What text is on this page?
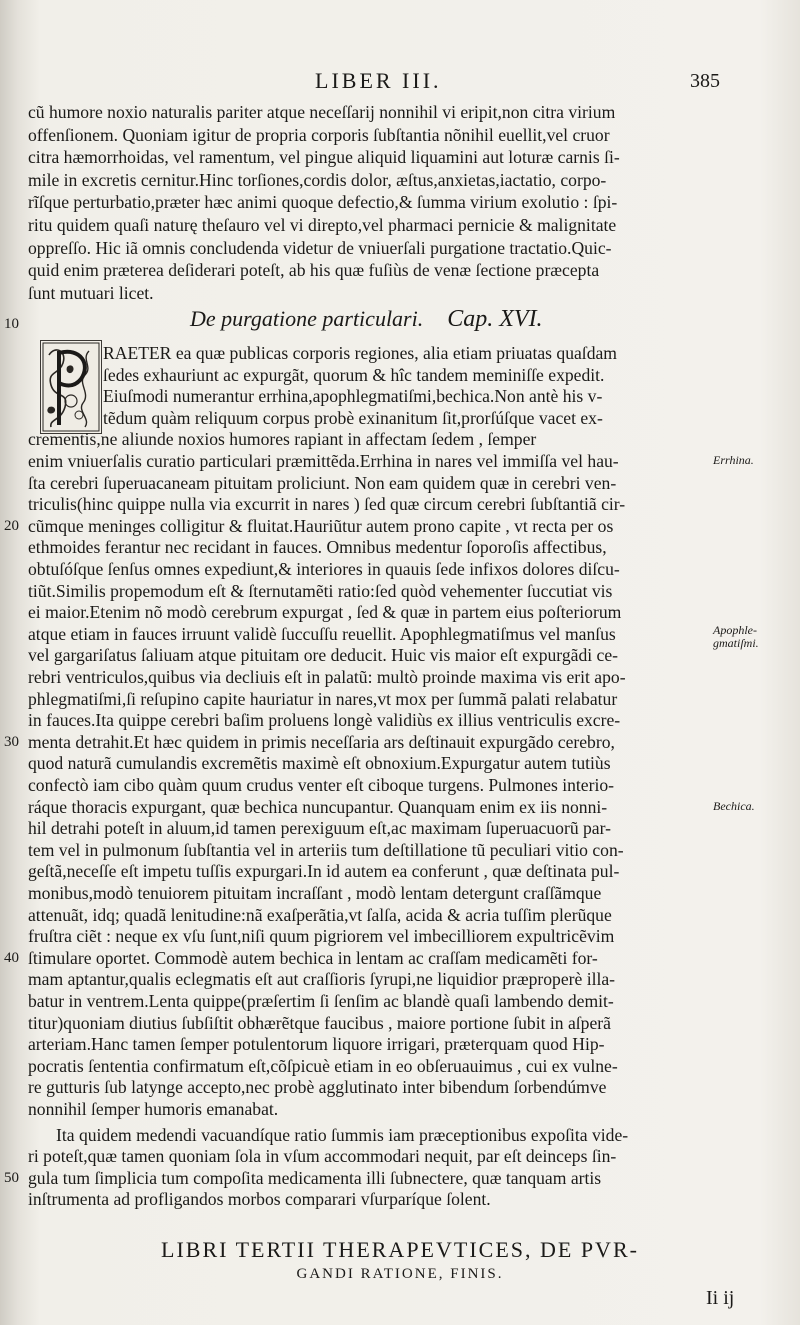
LIBER III.	385
cũ humore noxio naturalis pariter atque neceſſarij nonnihil vi eripit,non citra virium
offenſionem. Quoniam igitur de propria corporis ſubſtantia nõnihil euellit,vel cruor
citra hæmorrhoidas, vel ramentum, vel pingue aliquid liquamini aut loturæ carnis ſi-
mile in excretis cernitur.Hinc torſiones,cordis dolor, æſtus,anxietas,iactatio, corpo-
rĩſque perturbatio,præter hæc animi quoque defectio,& ſumma virium exolutio : ſpi-
ritu quidem quaſi naturę theſauro vel vi direpto,vel pharmaci pernicie & malignitate
oppreſſo. Hic iã omnis concludenda videtur de vniuerſali purgatione tractatio.Quic-
quid enim præterea deſiderari poteſt, ab his quæ fuſiùs de venæ ſectione præcepta
ſunt mutuari licet.
10
20
30
40
50
De purgatione particulari. Cap. XVI.
RAETER ea quæ publicas corporis regiones, alia etiam priuatas quaſdam
ſedes exhauriunt ac expurgãt, quorum & hîc tandem meminiſſe expedit.
Eiuſmodi numerantur errhina,apophlegmatiſmi,bechica.Non antè his v-
tẽdum quàm reliquum corpus probè exinanitum ſit,prorſúſque vacet ex-
crementis,ne aliunde noxios humores rapiant in affectam ſedem , ſemper
enim vniuerſalis curatio particulari præmittẽda.Errhina in nares vel immiſſa vel hau-
ſta cerebri ſuperuacaneam pituitam proliciunt. Non eam quidem quæ in cerebri ven-
triculis(hinc quippe nulla via excurrit in nares ) ſed quæ circum cerebri ſubſtantiã cir-
cũmque meninges colligitur & fluitat.Hauriũtur autem prono capite , vt recta per os
ethmoides ferantur nec recidant in fauces. Omnibus medentur ſoporoſis affectibus,
obtuſóſque ſenſus omnes expediunt,& interiores in quauis ſede infixos dolores diſcu-
tiũt.Similis propemodum eſt & ſternutamẽti ratio:ſed quòd vehementer ſuccutiat vis
ei maior.Etenim nõ modò cerebrum expurgat , ſed & quæ in partem eius poſteriorum
atque etiam in fauces irruunt validè ſuccuſſu reuellit. Apophlegmatiſmus vel manſus
vel gargariſatus ſaliuam atque pituitam ore deducit. Huic vis maior eſt expurgãdi ce-
rebri ventriculos,quibus via decliuis eſt in palatũ: multò proinde maxima vis erit apo-
phlegmatiſmi,ſi reſupino capite hauriatur in nares,vt mox per ſummã palati relabatur
in fauces.Ita quippe cerebri baſim proluens longè validiùs ex illius ventriculis excre-
menta detrahit.Et hæc quidem in primis neceſſaria ars deſtinauit expurgãdo cerebro,
quod naturã cumulandis excremẽtis maximè eſt obnoxium.Expurgatur autem tutiùs
confectò iam cibo quàm quum crudus venter eſt ciboque turgens. Pulmones interio-
ráque thoracis expurgant, quæ bechica nuncupantur. Quanquam enim ex iis nonni-
hil detrahi poteſt in aluum,id tamen perexiguum eſt,ac maximam ſuperuacuorũ par-
tem vel in pulmonum ſubſtantia vel in arteriis tum deſtillatione tũ peculiari vitio con-
geſtã,neceſſe eſt impetu tuſſis expurgari.In id autem ea conferunt , quæ deſtinata pul-
monibus,modò tenuiorem pituitam incraſſant , modò lentam detergunt craſſãmque
attenuãt, idq; quadã lenitudine:nã exaſperãtia,vt ſalſa, acida & acria tuſſim plerũque
fruſtra ciẽt : neque ex vſu ſunt,niſi quum pigriorem vel imbecilliorem expultricẽvim
ſtimulare oportet. Commodè autem bechica in lentam ac craſſam medicamẽti for-
mam aptantur,qualis eclegmatis eſt aut craſſioris ſyrupi,ne liquidior præproperè illa-
batur in ventrem.Lenta quippe(præſertim ſi ſenſim ac blandè quaſi lambendo demit-
titur)quoniam diutius ſubſiſtit obhærẽtque faucibus , maiore portione ſubit in aſperã
arteriam.Hanc tamen ſemper potulentorum liquore irrigari, præterquam quod Hip-
pocratis ſententia confirmatum eſt,cõſpicuè etiam in eo obſeruauimus , cui ex vulne-
re gutturis ſub latynge accepto,nec probè agglutinato inter bibendum ſorbendúmve
nonnihil ſemper humoris emanabat.
Ita quidem medendi vacuandíque ratio ſummis iam præceptionibus expoſita vide-
ri poteſt,quæ tamen quoniam ſola in vſum accommodari nequit, par eſt deinceps ſin-
gula tum ſimplicia tum compoſita medicamenta illi ſubnectere, quæ tanquam artis
inſtrumenta ad profligandos morbos comparari vſurparíque ſolent.
Errhina.
Apophle-
gmatiſmi.
Bechica.
LIBRI TERTII THERAPEVTICES, DE PVR-
GANDI RATIONE, FINIS.
Ii ij
